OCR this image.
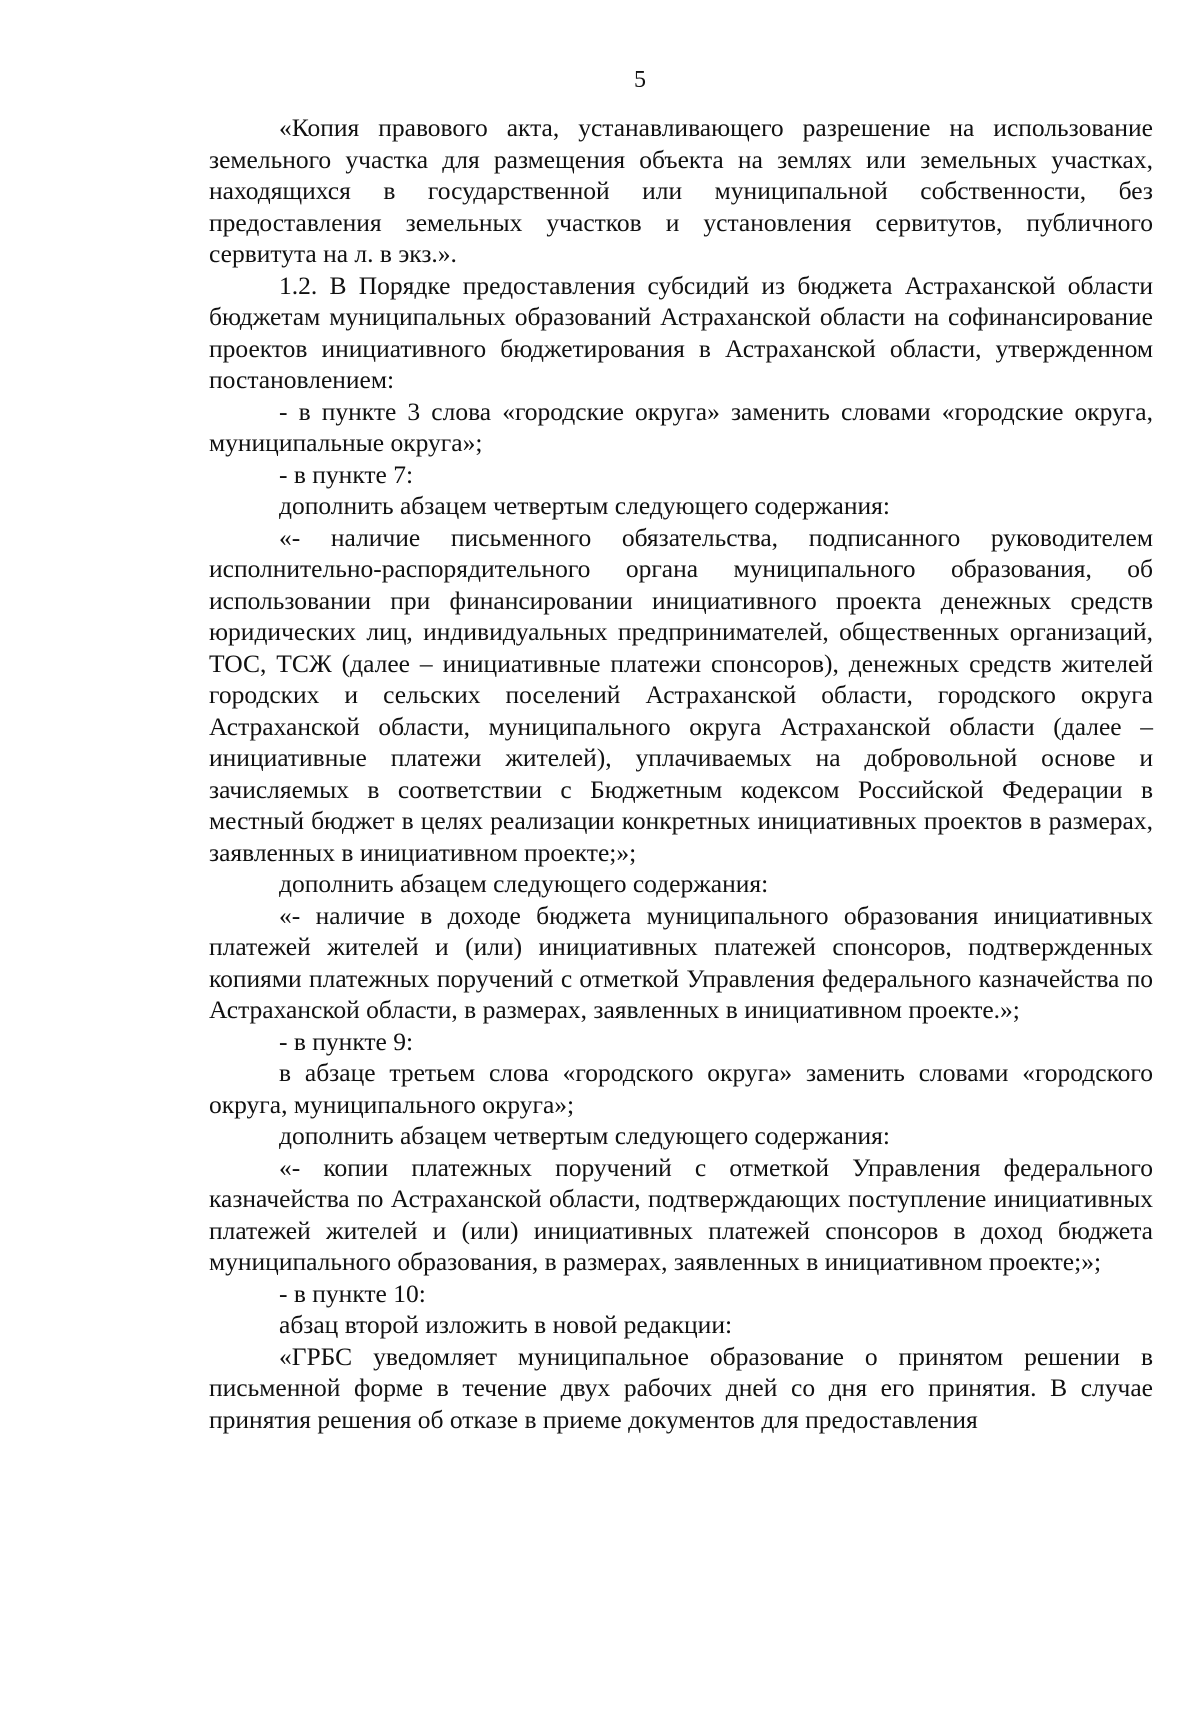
5

«Копия правового акта, устанавливающего разрешение на использование земельного участка для размещения объекта на землях или земельных участках, находящихся в государственной или муниципальной собственности, без предоставления земельных участков и установления сервитутов, публичного сервитута на л. в экз.».

1.2. В Порядке предоставления субсидий из бюджета Астраханской области бюджетам муниципальных образований Астраханской области на софинансирование проектов инициативного бюджетирования в Астраханской области, утвержденном постановлением:

- в пункте 3 слова «городские округа» заменить словами «городские округа, муниципальные округа»;

- в пункте 7:

дополнить абзацем четвертым следующего содержания:

«- наличие письменного обязательства, подписанного руководителем исполнительно-распорядительного органа муниципального образования, об использовании при финансировании инициативного проекта денежных средств юридических лиц, индивидуальных предпринимателей, общественных организаций, ТОС, ТСЖ (далее – инициативные платежи спонсоров), денежных средств жителей городских и сельских поселений Астраханской области, городского округа Астраханской области, муниципального округа Астраханской области (далее – инициативные платежи жителей), уплачиваемых на добровольной основе и зачисляемых в соответствии с Бюджетным кодексом Российской Федерации в местный бюджет в целях реализации конкретных инициативных проектов в размерах, заявленных в инициативном проекте;»;

дополнить абзацем следующего содержания:

«- наличие в доходе бюджета муниципального образования инициативных платежей жителей и (или) инициативных платежей спонсоров, подтвержденных копиями платежных поручений с отметкой Управления федерального казначейства по Астраханской области, в размерах, заявленных в инициативном проекте.»;

- в пункте 9:

в абзаце третьем слова «городского округа» заменить словами «городского округа, муниципального округа»;

дополнить абзацем четвертым следующего содержания:

«- копии платежных поручений с отметкой Управления федерального казначейства по Астраханской области, подтверждающих поступление инициативных платежей жителей и (или) инициативных платежей спонсоров в доход бюджета муниципального образования, в размерах, заявленных в инициативном проекте;»;

- в пункте 10:

абзац второй изложить в новой редакции:

«ГРБС уведомляет муниципальное образование о принятом решении в письменной форме в течение двух рабочих дней со дня его принятия. В случае принятия решения об отказе в приеме документов для предоставления
